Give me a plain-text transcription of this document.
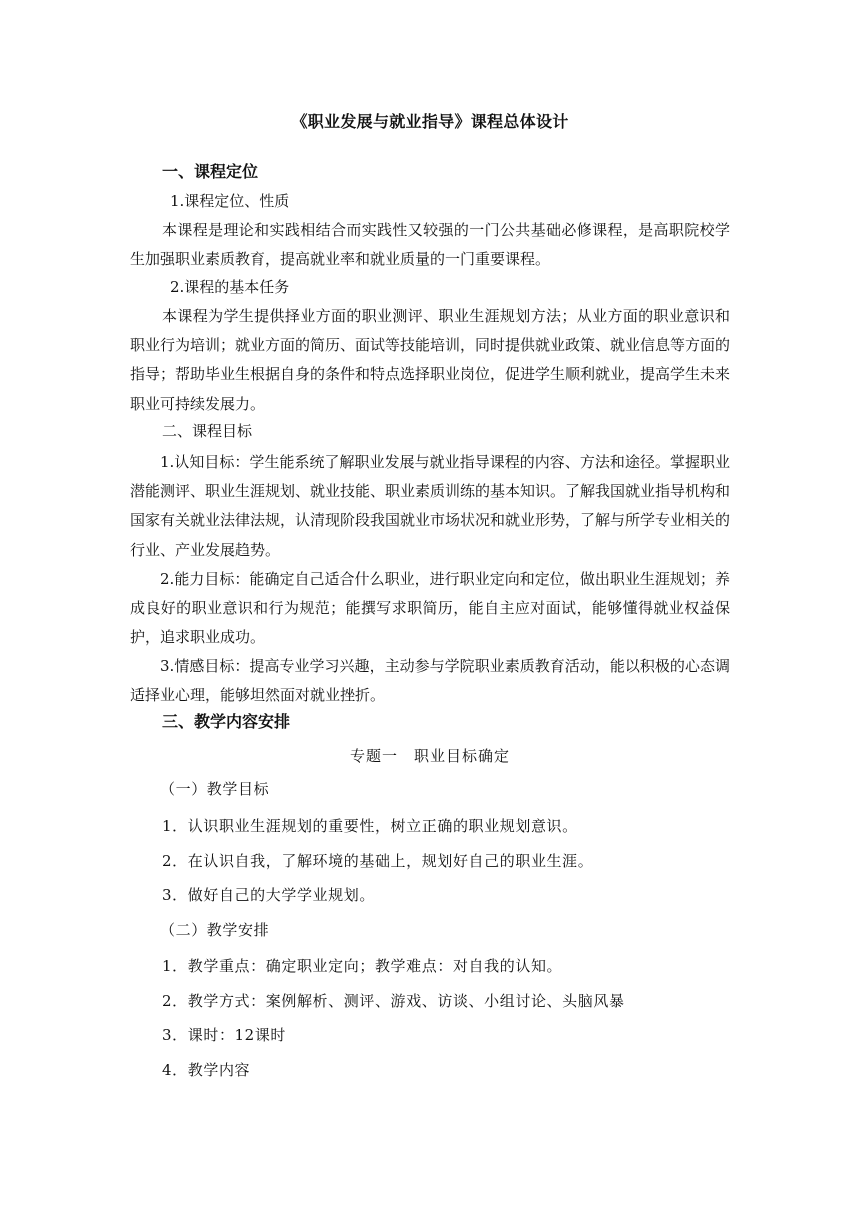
《职业发展与就业指导》课程总体设计
一、课程定位
1.课程定位、性质
本课程是理论和实践相结合而实践性又较强的一门公共基础必修课程，是高职院校学生加强职业素质教育，提高就业率和就业质量的一门重要课程。
2.课程的基本任务
本课程为学生提供择业方面的职业测评、职业生涯规划方法；从业方面的职业意识和职业行为培训；就业方面的简历、面试等技能培训，同时提供就业政策、就业信息等方面的指导；帮助毕业生根据自身的条件和特点选择职业岗位，促进学生顺利就业，提高学生未来职业可持续发展力。
二、课程目标
1.认知目标：学生能系统了解职业发展与就业指导课程的内容、方法和途径。掌握职业潜能测评、职业生涯规划、就业技能、职业素质训练的基本知识。了解我国就业指导机构和国家有关就业法律法规，认清现阶段我国就业市场状况和就业形势，了解与所学专业相关的行业、产业发展趋势。
2.能力目标：能确定自己适合什么职业，进行职业定向和定位，做出职业生涯规划；养成良好的职业意识和行为规范；能撰写求职简历，能自主应对面试，能够懂得就业权益保护，追求职业成功。
3.情感目标：提高专业学习兴趣，主动参与学院职业素质教育活动，能以积极的心态调适择业心理，能够坦然面对就业挫折。
三、教学内容安排
专题一　职业目标确定
（一）教学目标
1．认识职业生涯规划的重要性，树立正确的职业规划意识。
2．在认识自我，了解环境的基础上，规划好自己的职业生涯。
3．做好自己的大学学业规划。
（二）教学安排
1．教学重点：确定职业定向；教学难点：对自我的认知。
2．教学方式：案例解析、测评、游戏、访谈、小组讨论、头脑风暴
3．课时：12课时
4．教学内容
